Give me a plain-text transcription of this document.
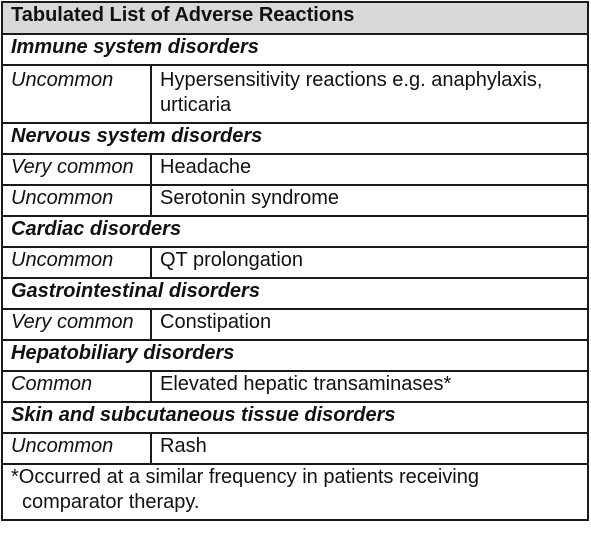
Tabulated List of Adverse Reactions	
Immune system disorders	
Uncommon	Hypersensitivity reactions e.g. anaphylaxis, urticaria
Nervous system disorders	
Very common	Headache
Uncommon	Serotonin syndrome
Cardiac disorders	
Uncommon	QT prolongation
Gastrointestinal disorders	
Very common	Constipation
Hepatobiliary disorders	
Common	Elevated hepatic transaminases*
Skin and subcutaneous tissue disorders	
Uncommon	Rash

*Occurred at a similar frequency in patients receiving comparator therapy.	
